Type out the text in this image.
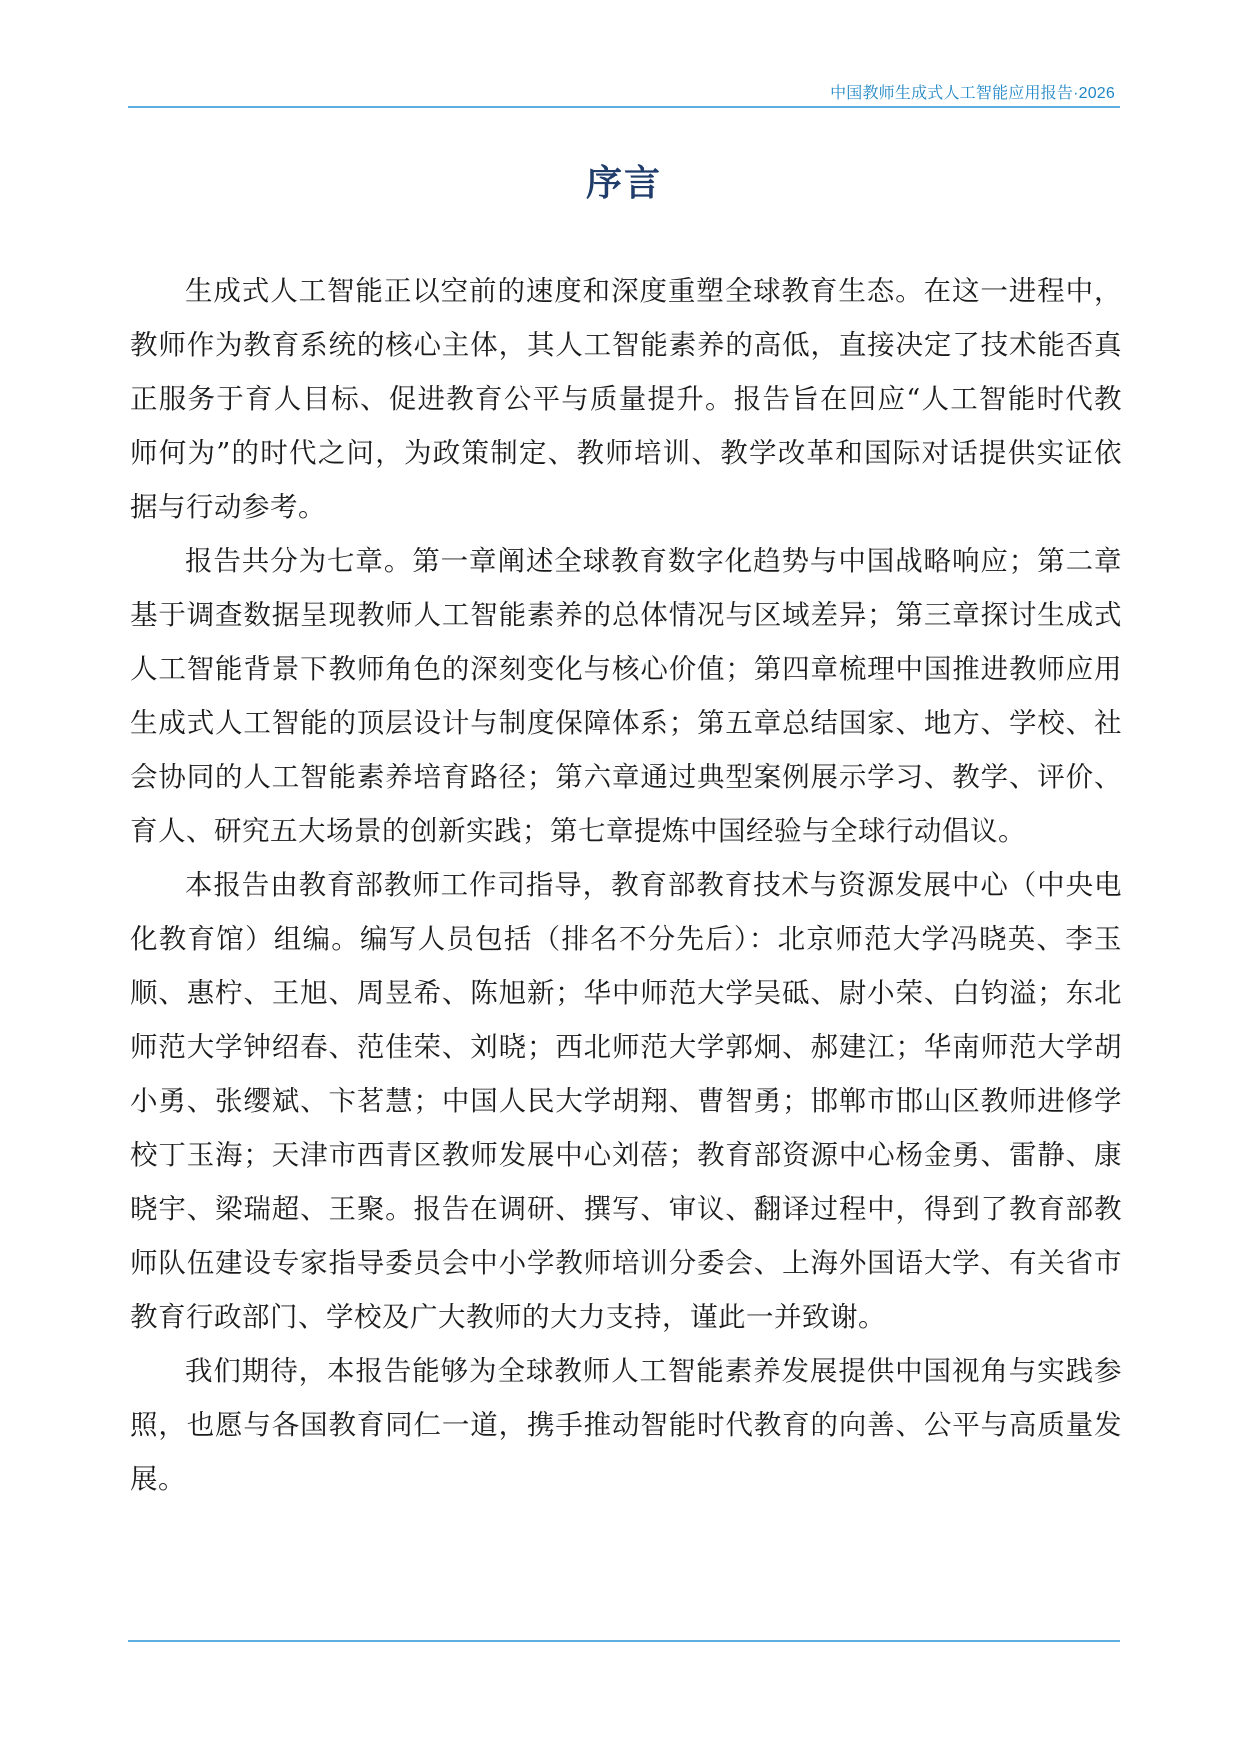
中国教师生成式人工智能应用报告·2026
序言

生成式人工智能正以空前的速度和深度重塑全球教育生态。在这一进程中，教师作为教育系统的核心主体，其人工智能素养的高低，直接决定了技术能否真正服务于育人目标、促进教育公平与质量提升。报告旨在回应“人工智能时代教师何为”的时代之问，为政策制定、教师培训、教学改革和国际对话提供实证依据与行动参考。

报告共分为七章。第一章阐述全球教育数字化趋势与中国战略响应；第二章基于调查数据呈现教师人工智能素养的总体情况与区域差异；第三章探讨生成式人工智能背景下教师角色的深刻变化与核心价值；第四章梳理中国推进教师应用生成式人工智能的顶层设计与制度保障体系；第五章总结国家、地方、学校、社会协同的人工智能素养培育路径；第六章通过典型案例展示学习、教学、评价、育人、研究五大场景的创新实践；第七章提炼中国经验与全球行动倡议。

本报告由教育部教师工作司指导，教育部教育技术与资源发展中心（中央电化教育馆）组编。编写人员包括（排名不分先后）：北京师范大学冯晓英、李玉顺、惠柠、王旭、周昱希、陈旭新；华中师范大学吴砥、尉小荣、白钧溢；东北师范大学钟绍春、范佳荣、刘晓；西北师范大学郭炯、郝建江；华南师范大学胡小勇、张缨斌、卞茗慧；中国人民大学胡翔、曹智勇；邯郸市邯山区教师进修学校丁玉海；天津市西青区教师发展中心刘蓓；教育部资源中心杨金勇、雷静、康晓宇、梁瑞超、王聚。报告在调研、撰写、审议、翻译过程中，得到了教育部教师队伍建设专家指导委员会中小学教师培训分委会、上海外国语大学、有关省市教育行政部门、学校及广大教师的大力支持，谨此一并致谢。

我们期待，本报告能够为全球教师人工智能素养发展提供中国视角与实践参照，也愿与各国教育同仁一道，携手推动智能时代教育的向善、公平与高质量发展。
